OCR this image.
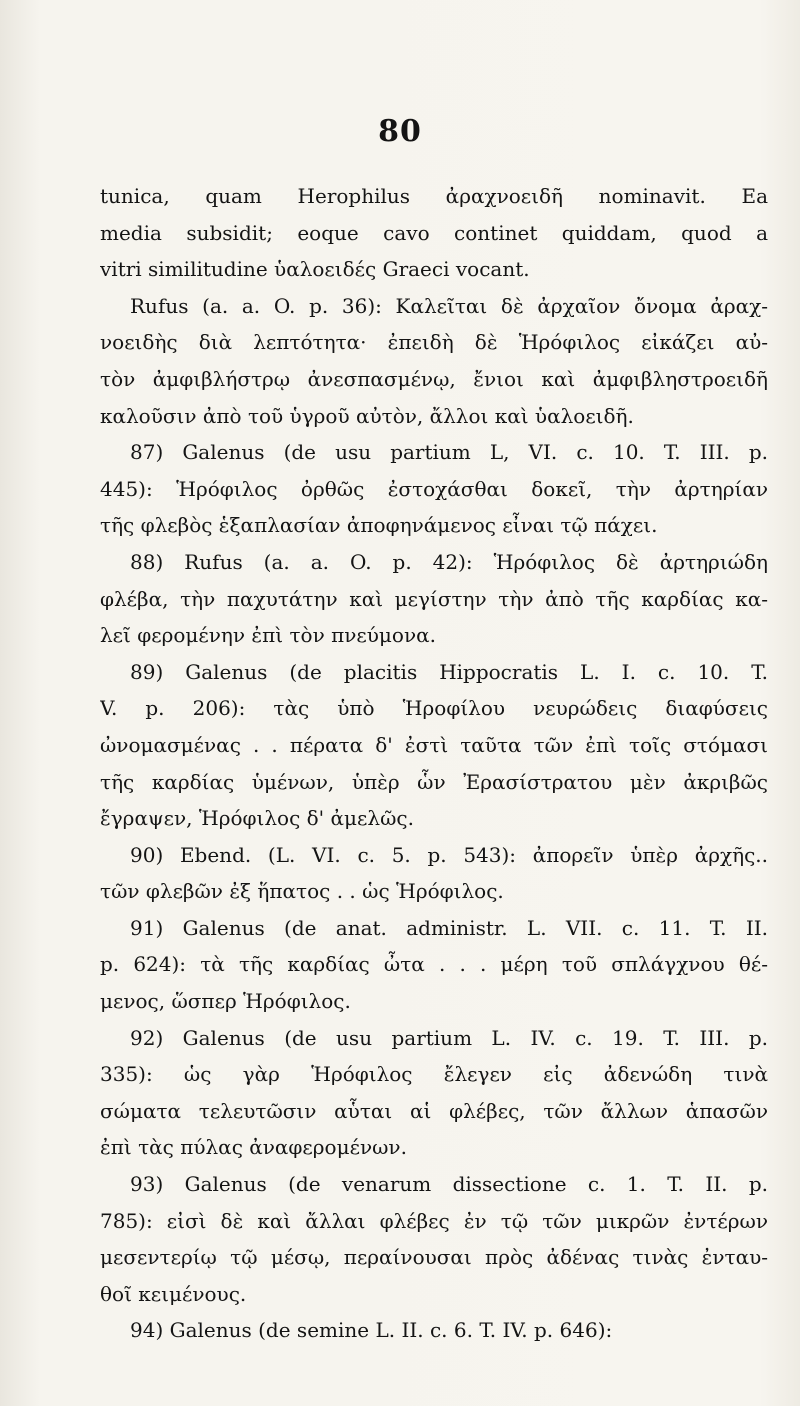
80
tunica, quam Herophilus ἀραχνοειδῆ nominavit. Ea
media subsidit; eoque cavo continet quiddam, quod a
vitri similitudine ὑαλοειδές Graeci vocant.
Rufus (a. a. O. p. 36): Καλεῖται δὲ ἀρχαῖον ὄνομα ἀραχ-
νοειδὴς διὰ λεπτότητα· ἐπειδὴ δὲ Ἡρόφιλος εἰκάζει αὐ-
τὸν ἀμφιβλήστρῳ ἀνεσπασμένῳ, ἔνιοι καὶ ἀμφιβληστροειδῆ
καλοῦσιν ἀπὸ τοῦ ὑγροῦ αὐτὸν, ἄλλοι καὶ ὑαλοειδῆ.
87) Galenus (de usu partium L, VI. c. 10. T. III. p.
445): Ἡρόφιλος ὀρθῶς ἐστοχάσθαι δοκεῖ, τὴν ἀρτηρίαν
τῆς φλεβὸς ἑξαπλασίαν ἀποφηνάμενος εἶναι τῷ πάχει.
88) Rufus (a. a. O. p. 42): Ἡρόφιλος δὲ ἀρτηριώδη
φλέβα, τὴν παχυτάτην καὶ μεγίστην τὴν ἀπὸ τῆς καρδίας κα-
λεῖ φερομένην ἐπὶ τὸν πνεύμονα.
89) Galenus (de placitis Hippocratis L. I. c. 10. T.
V. p. 206): τὰς ὑπὸ Ἡροφίλου νευρώδεις διαφύσεις
ὠνομασμένας . . πέρατα δ' ἐστὶ ταῦτα τῶν ἐπὶ τοῖς στόμασι
τῆς καρδίας ὑμένων, ὑπὲρ ὧν Ἐρασίστρατου μὲν ἀκριβῶς
ἔγραψεν, Ἡρόφιλος δ' ἀμελῶς.
90) Ebend. (L. VI. c. 5. p. 543): ἀπορεῖν ὑπὲρ ἀρχῆς..
τῶν φλεβῶν ἐξ ἥπατος . . ὡς Ἡρόφιλος.
91) Galenus (de anat. administr. L. VII. c. 11. T. II.
p. 624): τὰ τῆς καρδίας ὦτα . . . μέρη τοῦ σπλάγχνου θέ-
μενος, ὥσπερ Ἡρόφιλος.
92) Galenus (de usu partium L. IV. c. 19. T. III. p.
335): ὡς γὰρ Ἡρόφιλος ἔλεγεν εἰς ἀδενώδη τινὰ
σώματα τελευτῶσιν αὗται αἱ φλέβες, τῶν ἄλλων ἁπασῶν
ἐπὶ τὰς πύλας ἀναφερομένων.
93) Galenus (de venarum dissectione c. 1. T. II. p.
785): εἰσὶ δὲ καὶ ἄλλαι φλέβες ἐν τῷ τῶν μικρῶν ἐντέρων
μεσεντερίῳ τῷ μέσῳ, περαίνουσαι πρὸς ἀδένας τινὰς ἐνταυ-
θοῖ κειμένους.
94) Galenus (de semine L. II. c. 6. T. IV. p. 646):
